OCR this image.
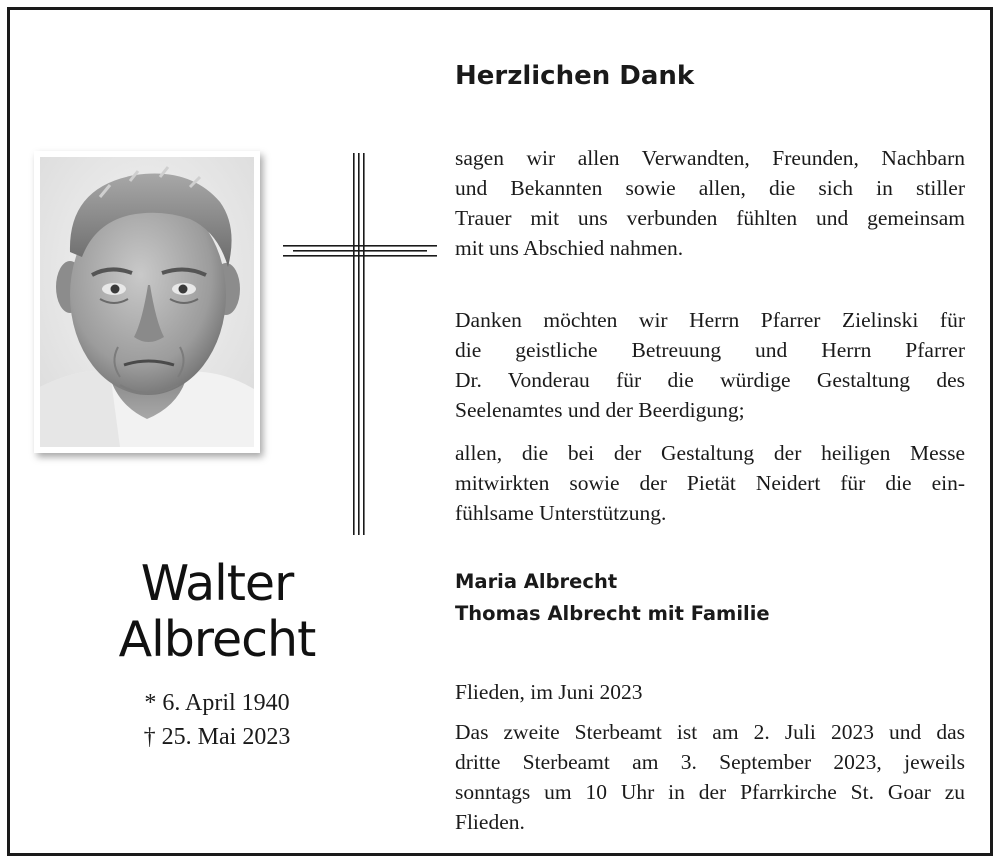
Walter
Albrecht
* 6. April 1940
† 25. Mai 2023
Herzlichen Dank
sagen wir allen Verwandten, Freunden, Nachbarn
und Bekannten sowie allen, die sich in stiller
Trauer mit uns verbunden fühlten und gemeinsam
mit uns Abschied nahmen.
Danken möchten wir Herrn Pfarrer Zielinski für
die geistliche Betreuung und Herrn Pfarrer
Dr. Vonderau für die würdige Gestaltung des
Seelenamtes und der Beerdigung;
allen, die bei der Gestaltung der heiligen Messe
mitwirkten sowie der Pietät Neidert für die ein-
fühlsame Unterstützung.
Maria Albrecht
Thomas Albrecht mit Familie
Flieden, im Juni 2023
Das zweite Sterbeamt ist am 2. Juli 2023 und das
dritte Sterbeamt am 3. September 2023, jeweils
sonntags um 10 Uhr in der Pfarrkirche St. Goar zu
Flieden.
